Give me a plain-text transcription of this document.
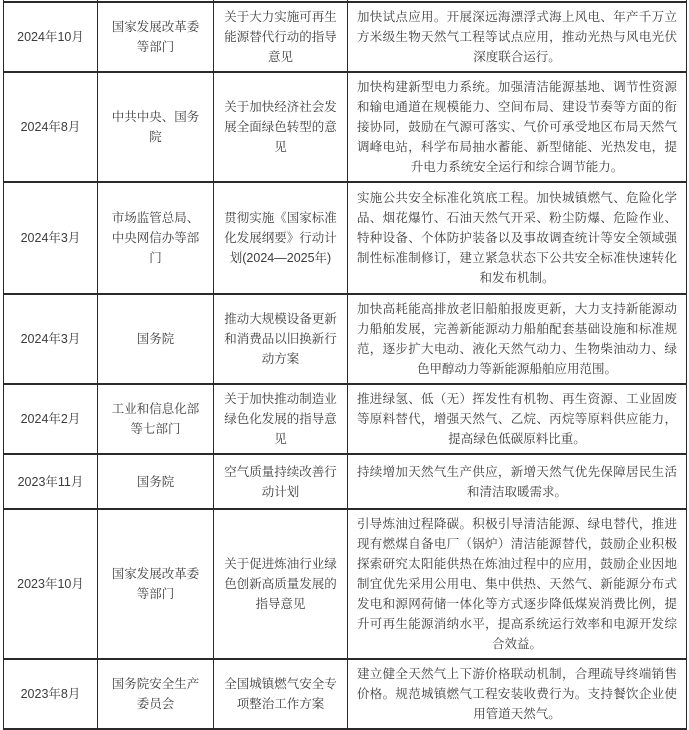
2024年10月	国家发展改革委等部门	关于大力实施可再生能源替代行动的指导意见	加快试点应用。开展深远海漂浮式海上风电、年产千万立方米级生物天然气工程等试点应用，推动光热与风电光伏深度联合运行。
2024年8月	中共中央、国务院	关于加快经济社会发展全面绿色转型的意见	加快构建新型电力系统。加强清洁能源基地、调节性资源和输电通道在规模能力、空间布局、建设节奏等方面的衔接协同，鼓励在气源可落实、气价可承受地区布局天然气调峰电站，科学布局抽水蓄能、新型储能、光热发电，提升电力系统安全运行和综合调节能力。
2024年3月	市场监管总局、中央网信办等部门	贯彻实施《国家标准化发展纲要》行动计划(2024—2025年)	实施公共安全标准化筑底工程。加快城镇燃气、危险化学品、烟花爆竹、石油天然气开采、粉尘防爆、危险作业、特种设备、个体防护装备以及事故调查统计等安全领域强制性标准制修订，建立紧急状态下公共安全标准快速转化和发布机制。
2024年3月	国务院	推动大规模设备更新和消费品以旧换新行动方案	加快高耗能高排放老旧船舶报废更新，大力支持新能源动力船舶发展，完善新能源动力船舶配套基础设施和标准规范，逐步扩大电动、液化天然气动力、生物柴油动力、绿色甲醇动力等新能源船舶应用范围。
2024年2月	工业和信息化部等七部门	关于加快推动制造业绿色化发展的指导意见	推进绿氢、低（无）挥发性有机物、再生资源、工业固废等原料替代，增强天然气、乙烷、丙烷等原料供应能力，提高绿色低碳原料比重。
2023年11月	国务院	空气质量持续改善行动计划	持续增加天然气生产供应，新增天然气优先保障居民生活和清洁取暖需求。
2023年10月	国家发展改革委等部门	关于促进炼油行业绿色创新高质量发展的指导意见	引导炼油过程降碳。积极引导清洁能源、绿电替代，推进现有燃煤自备电厂（锅炉）清洁能源替代，鼓励企业积极探索研究太阳能供热在炼油过程中的应用，鼓励企业因地制宜优先采用公用电、集中供热、天然气、新能源分布式发电和源网荷储一体化等方式逐步降低煤炭消费比例，提升可再生能源消纳水平，提高系统运行效率和电源开发综合效益。
2023年8月	国务院安全生产委员会	全国城镇燃气安全专项整治工作方案	建立健全天然气上下游价格联动机制，合理疏导终端销售价格。规范城镇燃气工程安装收费行为。支持餐饮企业使用管道天然气。
